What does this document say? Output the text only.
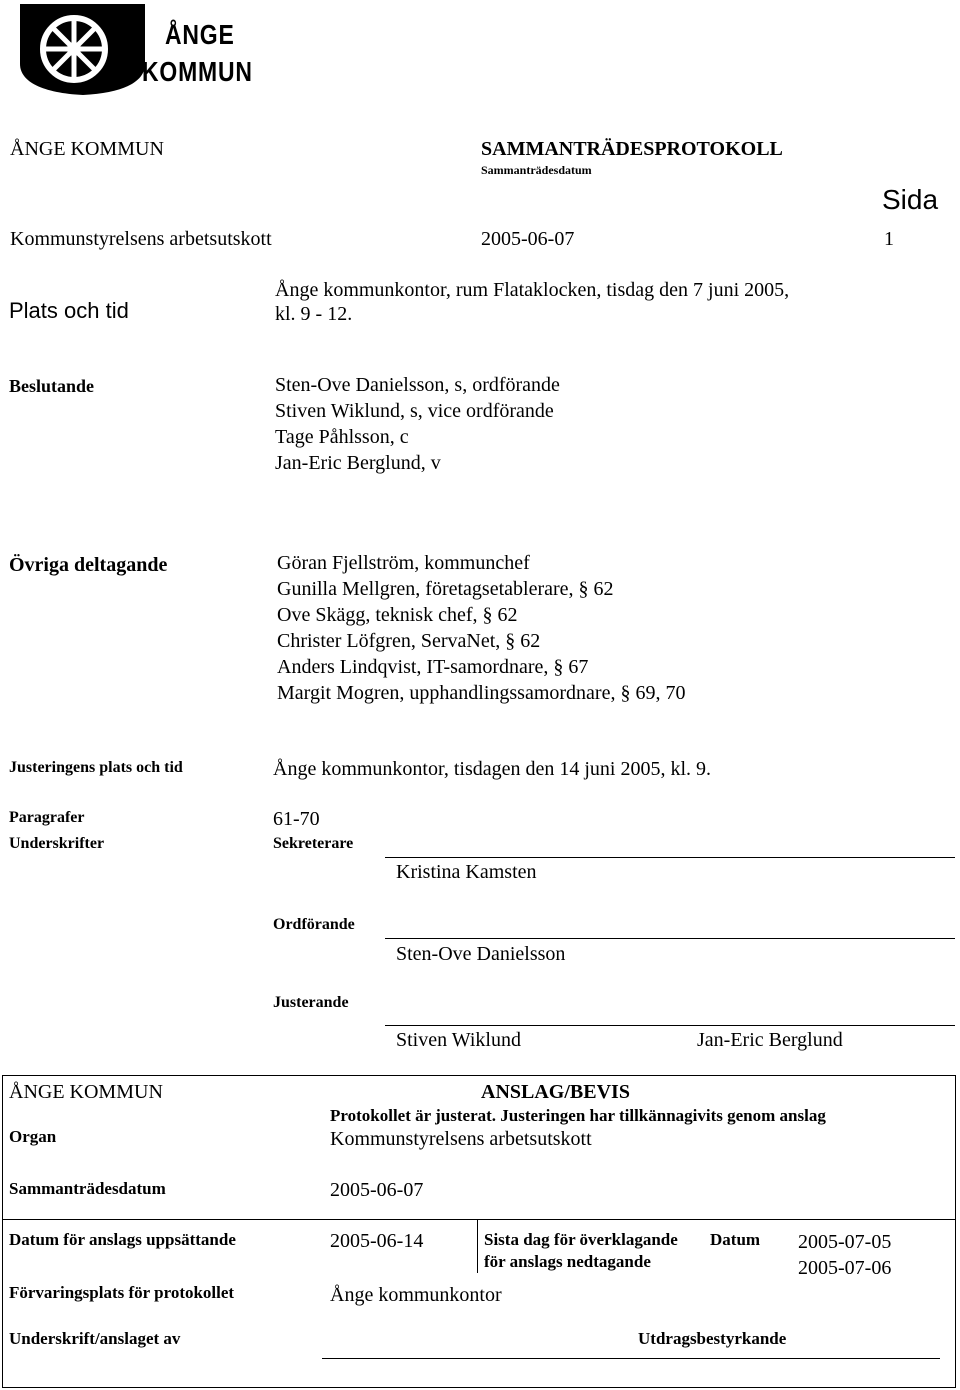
ÅNGE
KOMMUN
ÅNGE KOMMUN	SAMMANTRÄDESPROTOKOLL
Sammanträdesdatum
Sida
Kommunstyrelsens arbetsutskott	2005-06-07	1
Plats och tid
Ånge kommunkontor, rum Flataklocken, tisdag den 7 juni 2005,
kl. 9 - 12.
Beslutande	Sten-Ove Danielsson, s, ordförande
Stiven Wiklund, s, vice ordförande
Tage Påhlsson, c
Jan-Eric Berglund, v
Övriga deltagande	Göran Fjellström, kommunchef
Gunilla Mellgren, företagsetablerare, § 62
Ove Skägg, teknisk chef, § 62
Christer Löfgren, ServaNet, § 62
Anders Lindqvist, IT-samordnare, § 67
Margit Mogren, upphandlingssamordnare, § 69, 70
Justeringens plats och tid	Ånge kommunkontor, tisdagen den 14 juni 2005, kl. 9.
Paragrafer	61-70
Underskrifter	Sekreterare
Kristina Kamsten
Ordförande
Sten-Ove Danielsson
Justerande
Stiven Wiklund	Jan-Eric Berglund
ÅNGE KOMMUN	ANSLAG/BEVIS
Protokollet är justerat. Justeringen har tillkännagivits genom anslag
Organ	Kommunstyrelsens arbetsutskott
Sammanträdesdatum	2005-06-07
Datum för anslags uppsättande	2005-06-14	Sista dag för överklagande
för anslags nedtagande
Datum 2005-07-05
2005-07-06
Förvaringsplats för protokollet	Ånge kommunkontor
Underskrift/anslaget av	Utdragsbestyrkande
